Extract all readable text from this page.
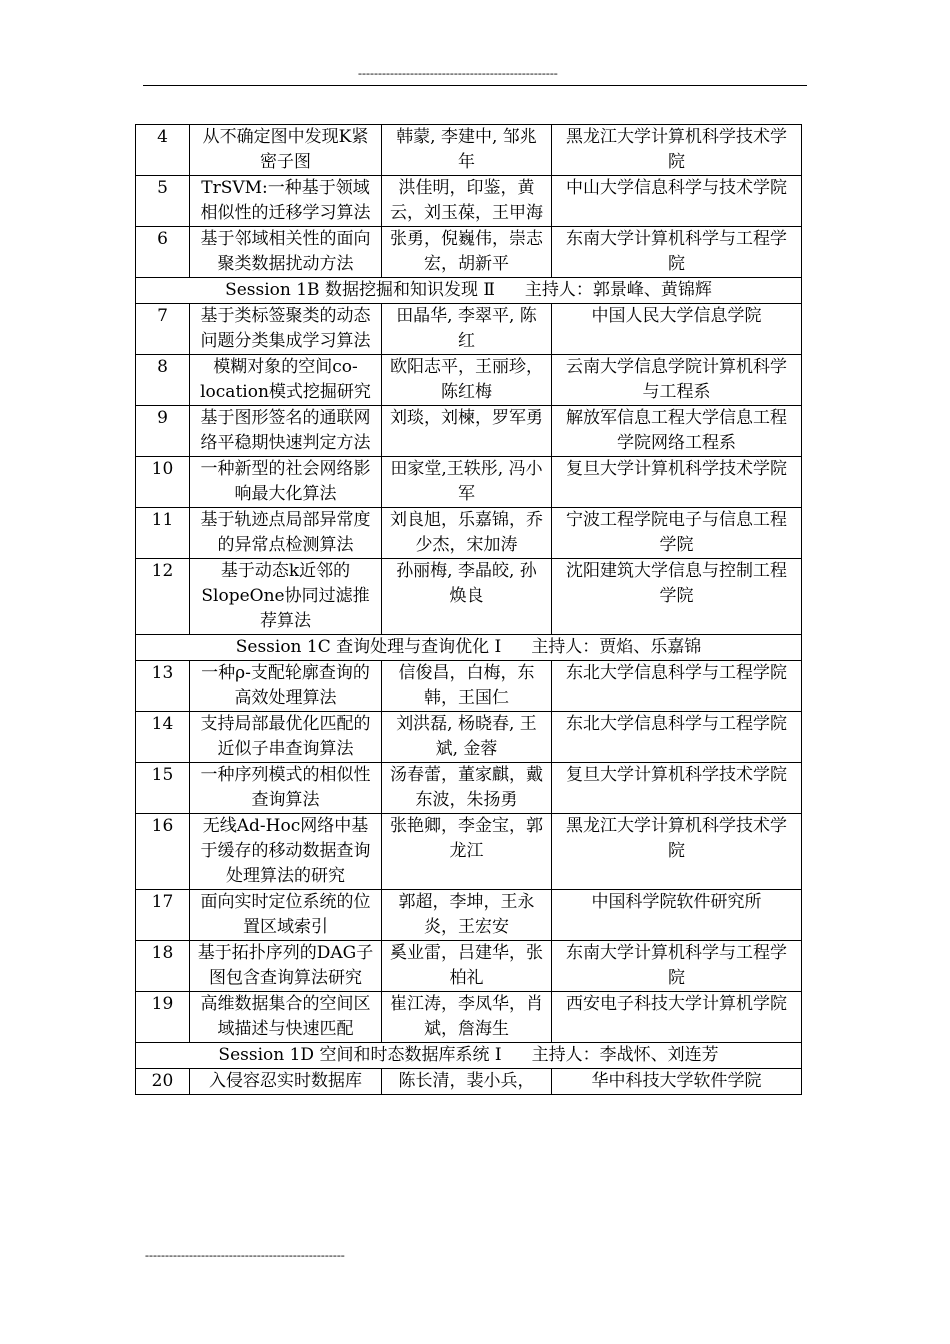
--------------------------------------------------
4	从不确定图中发现K紧密子图	韩蒙, 李建中, 邹兆年	黑龙江大学计算机科学技术学院
5	TrSVM:一种基于领域相似性的迁移学习算法	洪佳明，印鉴，黄云，刘玉葆，王甲海	中山大学信息科学与技术学院
6	基于邻域相关性的面向聚类数据扰动方法	张勇，倪巍伟，崇志宏，胡新平	东南大学计算机科学与工程学院
Session 1B 数据挖掘和知识发现 Ⅱ 主持人：郭景峰、黄锦辉			
7	基于类标签聚类的动态问题分类集成学习算法	田晶华, 李翠平, 陈红	中国人民大学信息学院
8	模糊对象的空间co-location模式挖掘研究	欧阳志平，王丽珍，陈红梅	云南大学信息学院计算机科学与工程系
9	基于图形签名的通联网络平稳期快速判定方法	刘琰，刘楝，罗军勇	解放军信息工程大学信息工程学院网络工程系
10	一种新型的社会网络影响最大化算法	田家堂,王轶彤, 冯小军	复旦大学计算机科学技术学院
11	基于轨迹点局部异常度的异常点检测算法	刘良旭，乐嘉锦，乔少杰，宋加涛	宁波工程学院电子与信息工程学院
12	基于动态k近邻的SlopeOne协同过滤推荐算法	孙丽梅, 李晶皎, 孙焕良	沈阳建筑大学信息与控制工程学院
Session 1C 查询处理与查询优化 Ⅰ 主持人：贾焰、乐嘉锦			
13	一种ρ-支配轮廓查询的高效处理算法	信俊昌，白梅，东韩，王国仁	东北大学信息科学与工程学院
14	支持局部最优化匹配的近似子串查询算法	刘洪磊, 杨晓春, 王斌, 金蓉	东北大学信息科学与工程学院
15	一种序列模式的相似性查询算法	汤春蕾，董家麒，戴东波，朱扬勇	复旦大学计算机科学技术学院
16	无线Ad-Hoc网络中基于缓存的移动数据查询处理算法的研究	张艳卿，李金宝，郭龙江	黑龙江大学计算机科学技术学院
17	面向实时定位系统的位置区域索引	郭超，李坤，王永炎，王宏安	中国科学院软件研究所
18	基于拓扑序列的DAG子图包含查询算法研究	奚业雷，吕建华，张柏礼	东南大学计算机科学与工程学院
19	高维数据集合的空间区域描述与快速匹配	崔江涛，李凤华，肖斌，詹海生	西安电子科技大学计算机学院
Session 1D 空间和时态数据库系统 Ⅰ 主持人：李战怀、刘连芳			
20	入侵容忍实时数据库	陈长清，裴小兵，	华中科技大学软件学院
--------------------------------------------------
